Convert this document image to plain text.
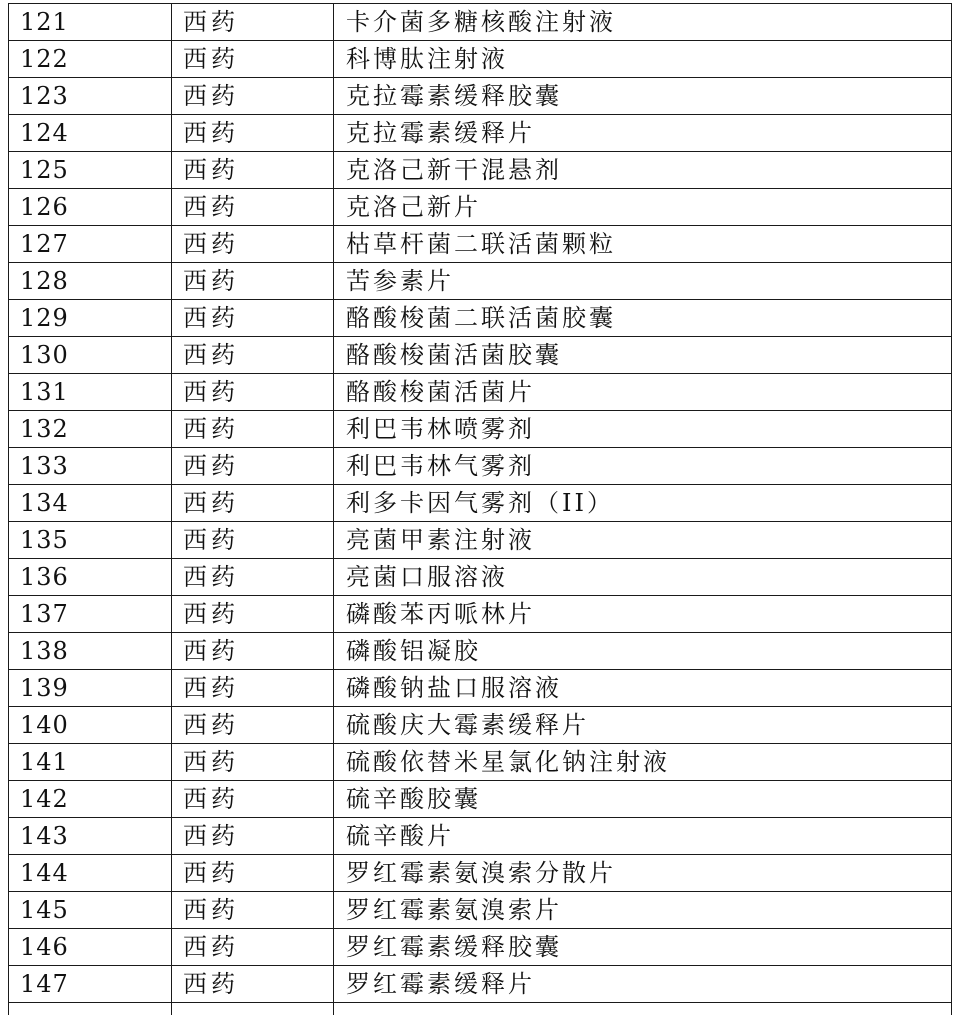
121	西药	卡介菌多糖核酸注射液
122	西药	科博肽注射液
123	西药	克拉霉素缓释胶囊
124	西药	克拉霉素缓释片
125	西药	克洛己新干混悬剂
126	西药	克洛己新片
127	西药	枯草杆菌二联活菌颗粒
128	西药	苦参素片
129	西药	酪酸梭菌二联活菌胶囊
130	西药	酪酸梭菌活菌胶囊
131	西药	酪酸梭菌活菌片
132	西药	利巴韦林喷雾剂
133	西药	利巴韦林气雾剂
134	西药	利多卡因气雾剂（II）
135	西药	亮菌甲素注射液
136	西药	亮菌口服溶液
137	西药	磷酸苯丙哌林片
138	西药	磷酸铝凝胶
139	西药	磷酸钠盐口服溶液
140	西药	硫酸庆大霉素缓释片
141	西药	硫酸依替米星氯化钠注射液
142	西药	硫辛酸胶囊
143	西药	硫辛酸片
144	西药	罗红霉素氨溴索分散片
145	西药	罗红霉素氨溴索片
146	西药	罗红霉素缓释胶囊
147	西药	罗红霉素缓释片
